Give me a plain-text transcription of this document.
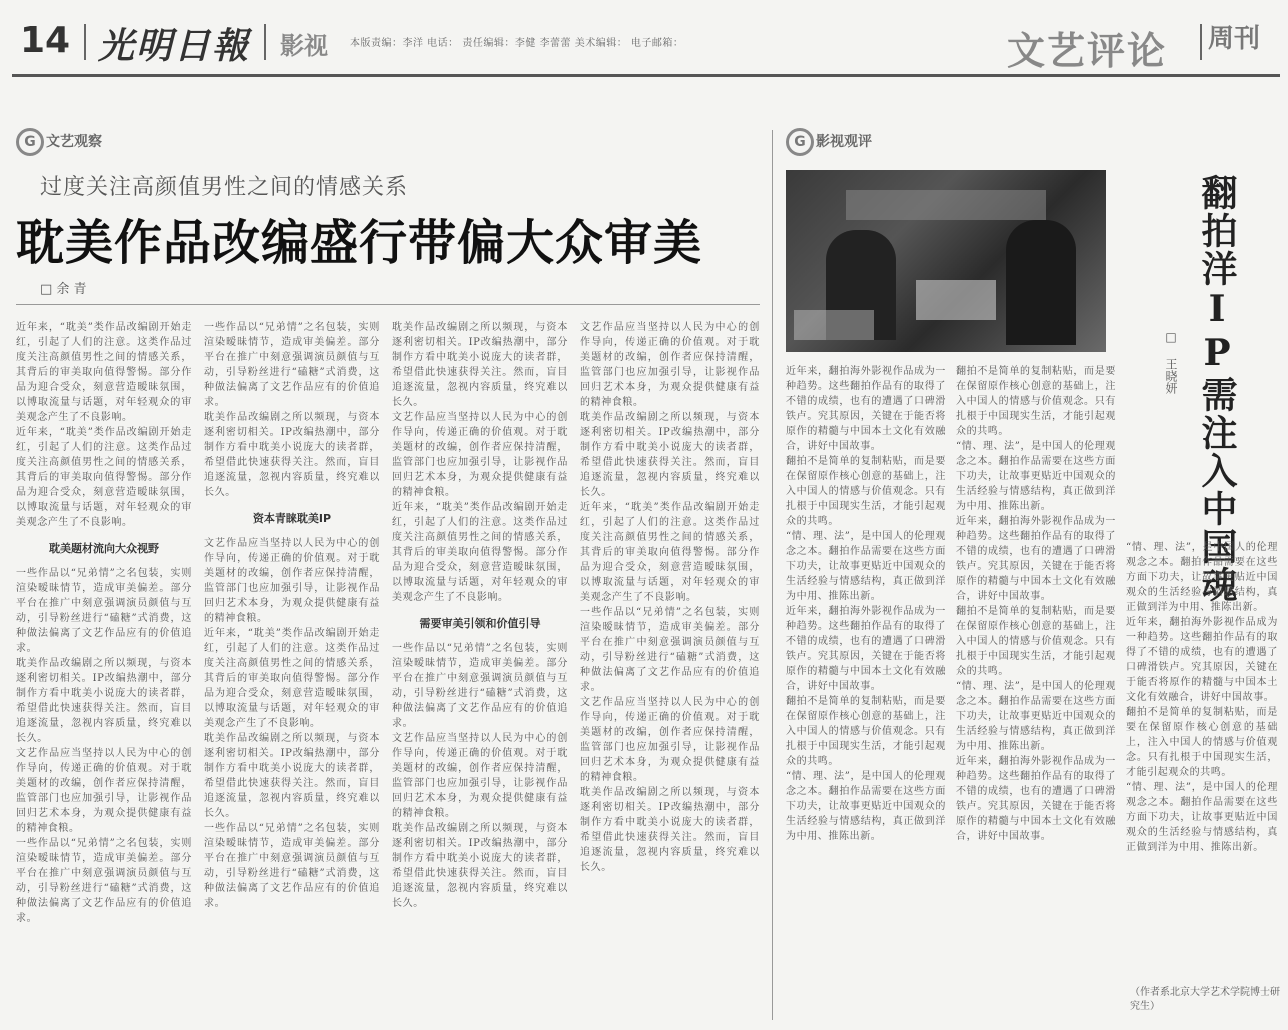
14 光明日報 影视 本版责编：李洋 电话： 责任编辑：李健 李蕾蕾 美术编辑： 电子邮箱：	文艺评论 周刊
G 文艺观察
过度关注高颜值男性之间的情感关系
耽美作品改编盛行带偏大众审美
□ 余 青
近年来，“耽美”类作品改编剧开始走红，引起了人们的注意。这类作品过度关注高颜值男性之间的情感关系，其背后的审美取向值得警惕。部分作品为迎合受众，刻意营造暧昧氛围，以博取流量与话题，对年轻观众的审美观念产生了不良影响。
近年来，“耽美”类作品改编剧开始走红，引起了人们的注意。这类作品过度关注高颜值男性之间的情感关系，其背后的审美取向值得警惕。部分作品为迎合受众，刻意营造暧昧氛围，以博取流量与话题，对年轻观众的审美观念产生了不良影响。
耽美题材流向大众视野
一些作品以“兄弟情”之名包装，实则渲染暧昧情节，造成审美偏差。部分平台在推广中刻意强调演员颜值与互动，引导粉丝进行“磕糖”式消费，这种做法偏离了文艺作品应有的价值追求。
耽美作品改编剧之所以频现，与资本逐利密切相关。IP改编热潮中，部分制作方看中耽美小说庞大的读者群，希望借此快速获得关注。然而，盲目追逐流量，忽视内容质量，终究难以长久。
文艺作品应当坚持以人民为中心的创作导向，传递正确的价值观。对于耽美题材的改编，创作者应保持清醒，监管部门也应加强引导，让影视作品回归艺术本身，为观众提供健康有益的精神食粮。
一些作品以“兄弟情”之名包装，实则渲染暧昧情节，造成审美偏差。部分平台在推广中刻意强调演员颜值与互动，引导粉丝进行“磕糖”式消费，这种做法偏离了文艺作品应有的价值追求。
一些作品以“兄弟情”之名包装，实则渲染暧昧情节，造成审美偏差。部分平台在推广中刻意强调演员颜值与互动，引导粉丝进行“磕糖”式消费，这种做法偏离了文艺作品应有的价值追求。
耽美作品改编剧之所以频现，与资本逐利密切相关。IP改编热潮中，部分制作方看中耽美小说庞大的读者群，希望借此快速获得关注。然而，盲目追逐流量，忽视内容质量，终究难以长久。
资本青睐耽美IP
文艺作品应当坚持以人民为中心的创作导向，传递正确的价值观。对于耽美题材的改编，创作者应保持清醒，监管部门也应加强引导，让影视作品回归艺术本身，为观众提供健康有益的精神食粮。
近年来，“耽美”类作品改编剧开始走红，引起了人们的注意。这类作品过度关注高颜值男性之间的情感关系，其背后的审美取向值得警惕。部分作品为迎合受众，刻意营造暧昧氛围，以博取流量与话题，对年轻观众的审美观念产生了不良影响。
耽美作品改编剧之所以频现，与资本逐利密切相关。IP改编热潮中，部分制作方看中耽美小说庞大的读者群，希望借此快速获得关注。然而，盲目追逐流量，忽视内容质量，终究难以长久。
一些作品以“兄弟情”之名包装，实则渲染暧昧情节，造成审美偏差。部分平台在推广中刻意强调演员颜值与互动，引导粉丝进行“磕糖”式消费，这种做法偏离了文艺作品应有的价值追求。
耽美作品改编剧之所以频现，与资本逐利密切相关。IP改编热潮中，部分制作方看中耽美小说庞大的读者群，希望借此快速获得关注。然而，盲目追逐流量，忽视内容质量，终究难以长久。
文艺作品应当坚持以人民为中心的创作导向，传递正确的价值观。对于耽美题材的改编，创作者应保持清醒，监管部门也应加强引导，让影视作品回归艺术本身，为观众提供健康有益的精神食粮。
近年来，“耽美”类作品改编剧开始走红，引起了人们的注意。这类作品过度关注高颜值男性之间的情感关系，其背后的审美取向值得警惕。部分作品为迎合受众，刻意营造暧昧氛围，以博取流量与话题，对年轻观众的审美观念产生了不良影响。
需要审美引领和价值引导
一些作品以“兄弟情”之名包装，实则渲染暧昧情节，造成审美偏差。部分平台在推广中刻意强调演员颜值与互动，引导粉丝进行“磕糖”式消费，这种做法偏离了文艺作品应有的价值追求。
文艺作品应当坚持以人民为中心的创作导向，传递正确的价值观。对于耽美题材的改编，创作者应保持清醒，监管部门也应加强引导，让影视作品回归艺术本身，为观众提供健康有益的精神食粮。
耽美作品改编剧之所以频现，与资本逐利密切相关。IP改编热潮中，部分制作方看中耽美小说庞大的读者群，希望借此快速获得关注。然而，盲目追逐流量，忽视内容质量，终究难以长久。
文艺作品应当坚持以人民为中心的创作导向，传递正确的价值观。对于耽美题材的改编，创作者应保持清醒，监管部门也应加强引导，让影视作品回归艺术本身，为观众提供健康有益的精神食粮。
耽美作品改编剧之所以频现，与资本逐利密切相关。IP改编热潮中，部分制作方看中耽美小说庞大的读者群，希望借此快速获得关注。然而，盲目追逐流量，忽视内容质量，终究难以长久。
近年来，“耽美”类作品改编剧开始走红，引起了人们的注意。这类作品过度关注高颜值男性之间的情感关系，其背后的审美取向值得警惕。部分作品为迎合受众，刻意营造暧昧氛围，以博取流量与话题，对年轻观众的审美观念产生了不良影响。
一些作品以“兄弟情”之名包装，实则渲染暧昧情节，造成审美偏差。部分平台在推广中刻意强调演员颜值与互动，引导粉丝进行“磕糖”式消费，这种做法偏离了文艺作品应有的价值追求。
文艺作品应当坚持以人民为中心的创作导向，传递正确的价值观。对于耽美题材的改编，创作者应保持清醒，监管部门也应加强引导，让影视作品回归艺术本身，为观众提供健康有益的精神食粮。
耽美作品改编剧之所以频现，与资本逐利密切相关。IP改编热潮中，部分制作方看中耽美小说庞大的读者群，希望借此快速获得关注。然而，盲目追逐流量，忽视内容质量，终究难以长久。
G 影视观评
翻拍洋IP需注入中国魂
□ 王晓妍
近年来，翻拍海外影视作品成为一种趋势。这些翻拍作品有的取得了不错的成绩，也有的遭遇了口碑滑铁卢。究其原因，关键在于能否将原作的精髓与中国本土文化有效融合，讲好中国故事。
翻拍不是简单的复制粘贴，而是要在保留原作核心创意的基础上，注入中国人的情感与价值观念。只有扎根于中国现实生活，才能引起观众的共鸣。
“情、理、法”，是中国人的伦理观念之本。翻拍作品需要在这些方面下功夫，让故事更贴近中国观众的生活经验与情感结构，真正做到洋为中用、推陈出新。
近年来，翻拍海外影视作品成为一种趋势。这些翻拍作品有的取得了不错的成绩，也有的遭遇了口碑滑铁卢。究其原因，关键在于能否将原作的精髓与中国本土文化有效融合，讲好中国故事。
翻拍不是简单的复制粘贴，而是要在保留原作核心创意的基础上，注入中国人的情感与价值观念。只有扎根于中国现实生活，才能引起观众的共鸣。
“情、理、法”，是中国人的伦理观念之本。翻拍作品需要在这些方面下功夫，让故事更贴近中国观众的生活经验与情感结构，真正做到洋为中用、推陈出新。
翻拍不是简单的复制粘贴，而是要在保留原作核心创意的基础上，注入中国人的情感与价值观念。只有扎根于中国现实生活，才能引起观众的共鸣。
“情、理、法”，是中国人的伦理观念之本。翻拍作品需要在这些方面下功夫，让故事更贴近中国观众的生活经验与情感结构，真正做到洋为中用、推陈出新。
近年来，翻拍海外影视作品成为一种趋势。这些翻拍作品有的取得了不错的成绩，也有的遭遇了口碑滑铁卢。究其原因，关键在于能否将原作的精髓与中国本土文化有效融合，讲好中国故事。
翻拍不是简单的复制粘贴，而是要在保留原作核心创意的基础上，注入中国人的情感与价值观念。只有扎根于中国现实生活，才能引起观众的共鸣。
“情、理、法”，是中国人的伦理观念之本。翻拍作品需要在这些方面下功夫，让故事更贴近中国观众的生活经验与情感结构，真正做到洋为中用、推陈出新。
近年来，翻拍海外影视作品成为一种趋势。这些翻拍作品有的取得了不错的成绩，也有的遭遇了口碑滑铁卢。究其原因，关键在于能否将原作的精髓与中国本土文化有效融合，讲好中国故事。
“情、理、法”，是中国人的伦理观念之本。翻拍作品需要在这些方面下功夫，让故事更贴近中国观众的生活经验与情感结构，真正做到洋为中用、推陈出新。
近年来，翻拍海外影视作品成为一种趋势。这些翻拍作品有的取得了不错的成绩，也有的遭遇了口碑滑铁卢。究其原因，关键在于能否将原作的精髓与中国本土文化有效融合，讲好中国故事。
翻拍不是简单的复制粘贴，而是要在保留原作核心创意的基础上，注入中国人的情感与价值观念。只有扎根于中国现实生活，才能引起观众的共鸣。
“情、理、法”，是中国人的伦理观念之本。翻拍作品需要在这些方面下功夫，让故事更贴近中国观众的生活经验与情感结构，真正做到洋为中用、推陈出新。
（作者系北京大学艺术学院博士研究生）
